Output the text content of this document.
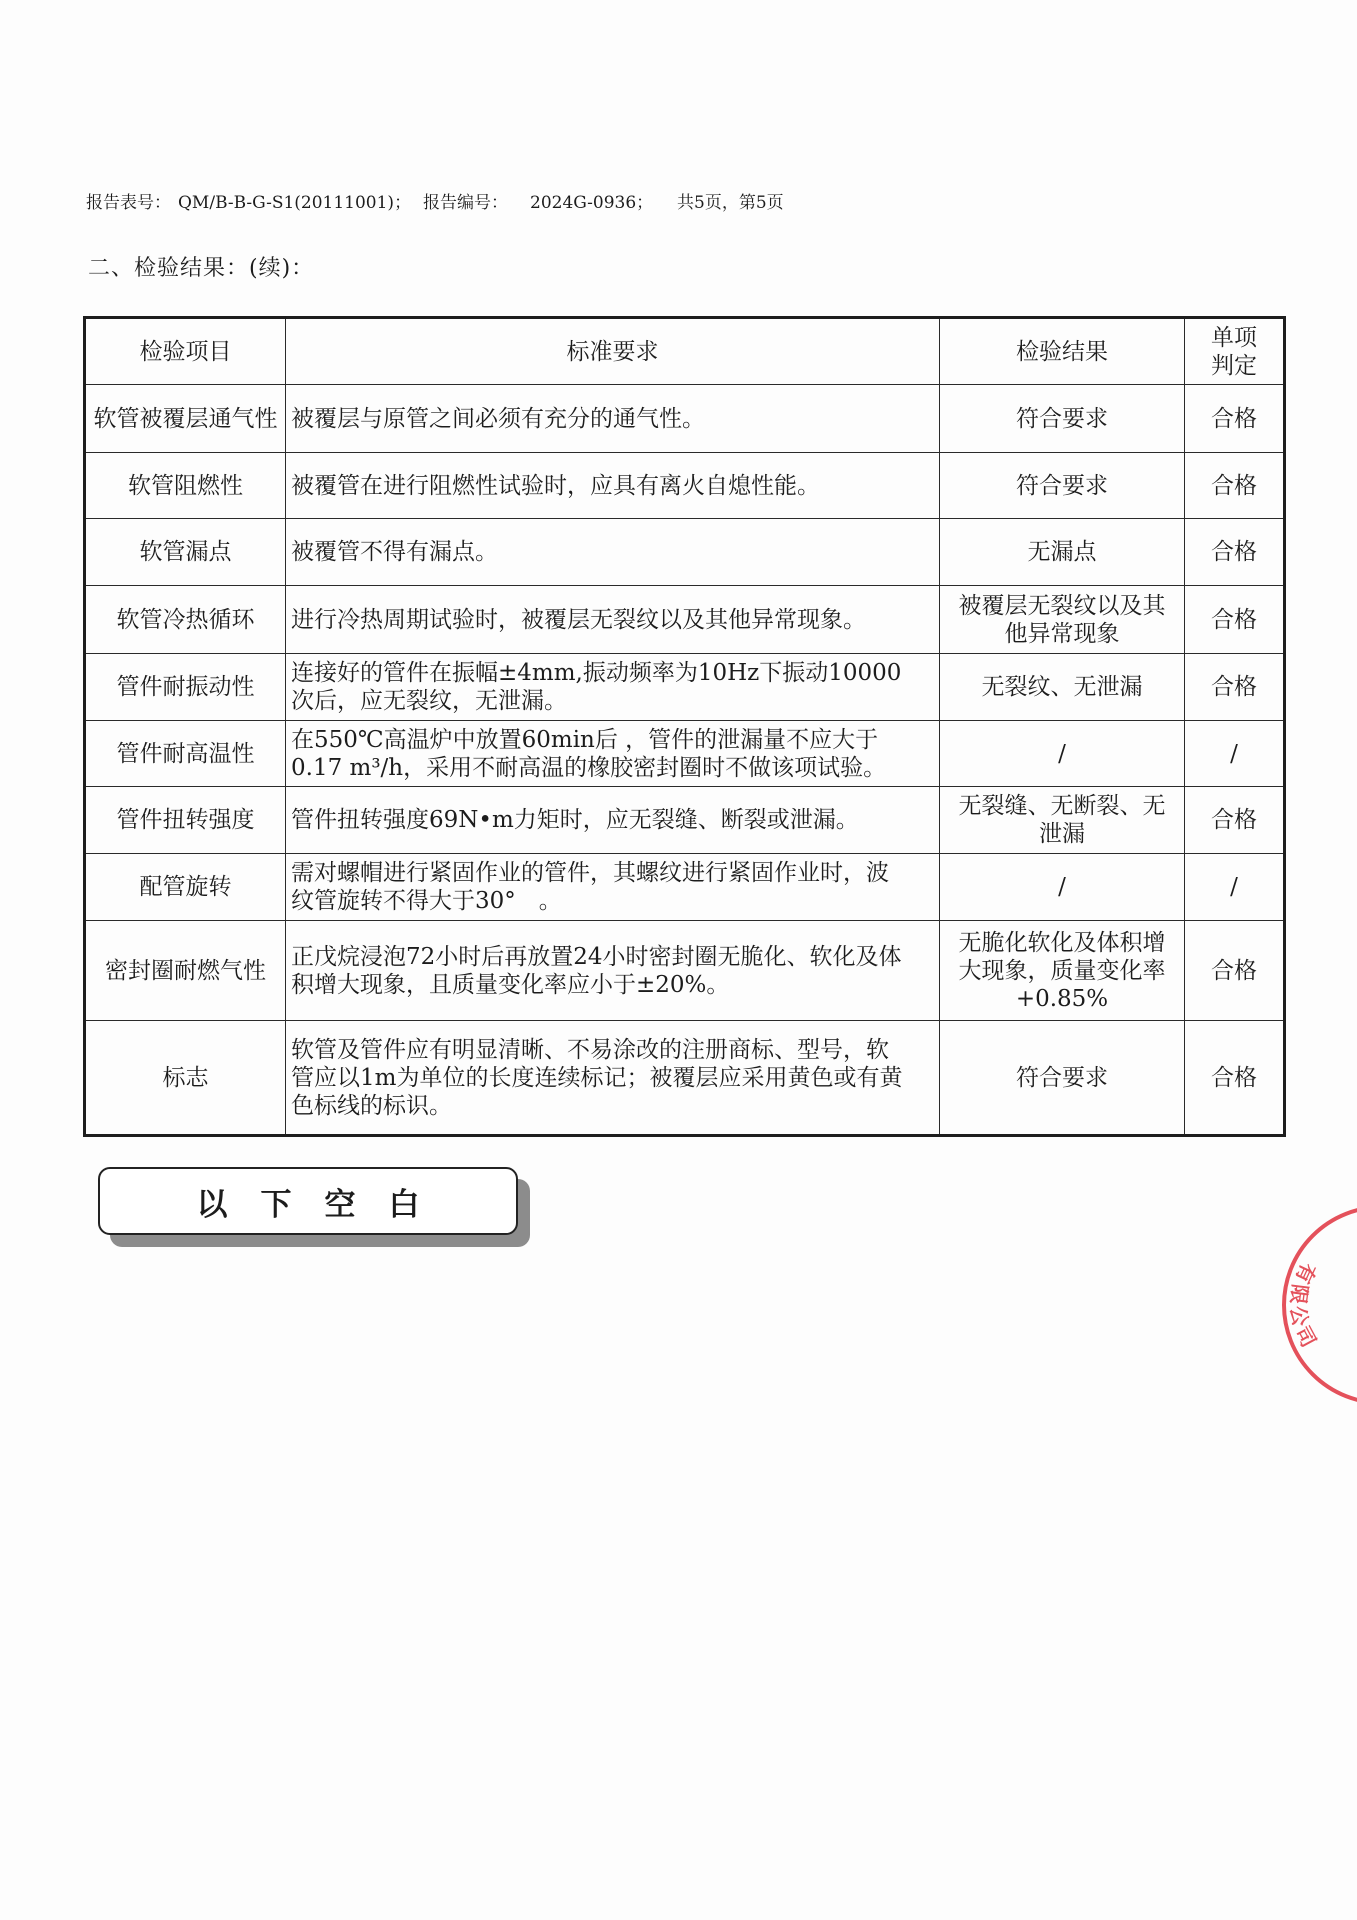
报告表号： QM/B-B-G-S1(20111001)； 报告编号： 2024G-0936； 共5页，第5页
二、检验结果：(续)：
检验项目	标准要求	检验结果	单项判定
软管被覆层通气性	被覆层与原管之间必须有充分的通气性。	符合要求	合格
软管阻燃性	被覆管在进行阻燃性试验时，应具有离火自熄性能。	符合要求	合格
软管漏点	被覆管不得有漏点。	无漏点	合格
软管冷热循环	进行冷热周期试验时，被覆层无裂纹以及其他异常现象。	被覆层无裂纹以及其他异常现象	合格
管件耐振动性	连接好的管件在振幅±4mm,振动频率为10Hz下振动10000次后，应无裂纹，无泄漏。	无裂纹、无泄漏	合格
管件耐高温性	在550℃高温炉中放置60min后 ，管件的泄漏量不应大于0.17 m³/h，采用不耐高温的橡胶密封圈时不做该项试验。	/	/
管件扭转强度	管件扭转强度69N•m力矩时，应无裂缝、断裂或泄漏。	无裂缝、无断裂、无泄漏	合格
配管旋转	需对螺帽进行紧固作业的管件，其螺纹进行紧固作业时，波纹管旋转不得大于30°　。	/	/
密封圈耐燃气性	正戊烷浸泡72小时后再放置24小时密封圈无脆化、软化及体积增大现象，且质量变化率应小于±20%。	无脆化软化及体积增大现象，质量变化率+0.85%	合格
标志	软管及管件应有明显清晰、不易涂改的注册商标、型号，软管应以1m为单位的长度连续标记；被覆层应采用黄色或有黄色标线的标识。	符合要求	合格
以下空白
有限公司
